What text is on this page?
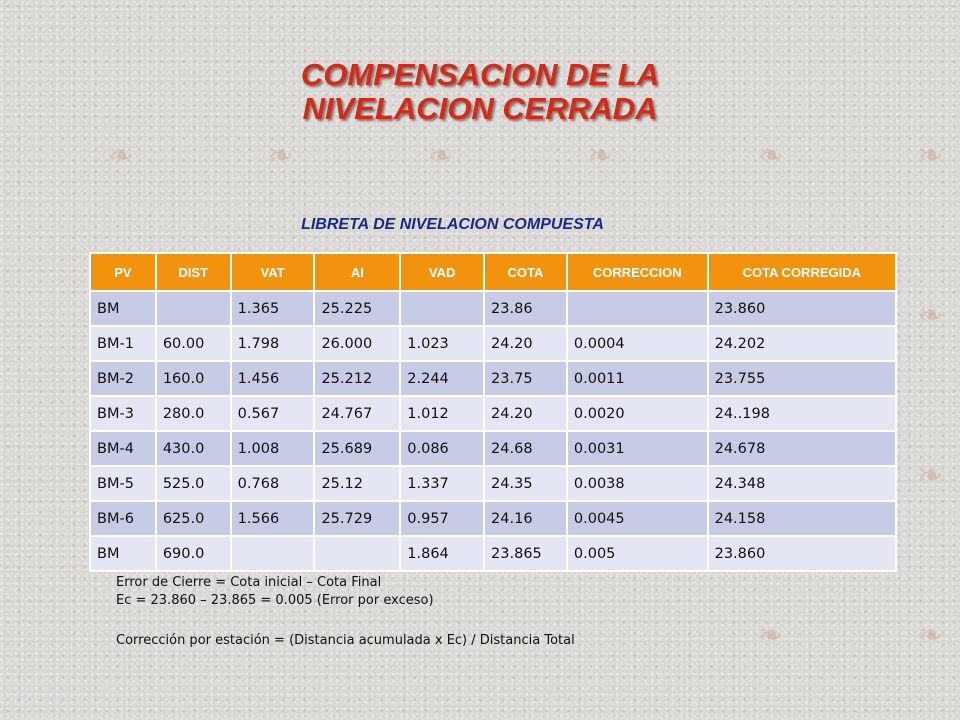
❧	❧	❧	❧	❧	❧
❧
❧
❧	❧
COMPENSACION DE LA
NIVELACION CERRADA
LIBRETA DE NIVELACION COMPUESTA
PV	DIST	VAT	AI	VAD	COTA	CORRECCION	COTA CORREGIDA
BM		1.365	25.225		23.86		23.860
BM-1	60.00	1.798	26.000	1.023	24.20	0.0004	24.202
BM-2	160.0	1.456	25.212	2.244	23.75	0.0011	23.755
BM-3	280.0	0.567	24.767	1.012	24.20	0.0020	24..198
BM-4	430.0	1.008	25.689	0.086	24.68	0.0031	24.678
BM-5	525.0	0.768	25.12	1.337	24.35	0.0038	24.348
BM-6	625.0	1.566	25.729	0.957	24.16	0.0045	24.158
BM	690.0			1.864	23.865	0.005	23.860
Error de Cierre = Cota inicial – Cota Final
Ec = 23.860 – 23.865 = 0.005 (Error por exceso)
Corrección por estación = (Distancia acumulada x Ec) / Distancia Total
